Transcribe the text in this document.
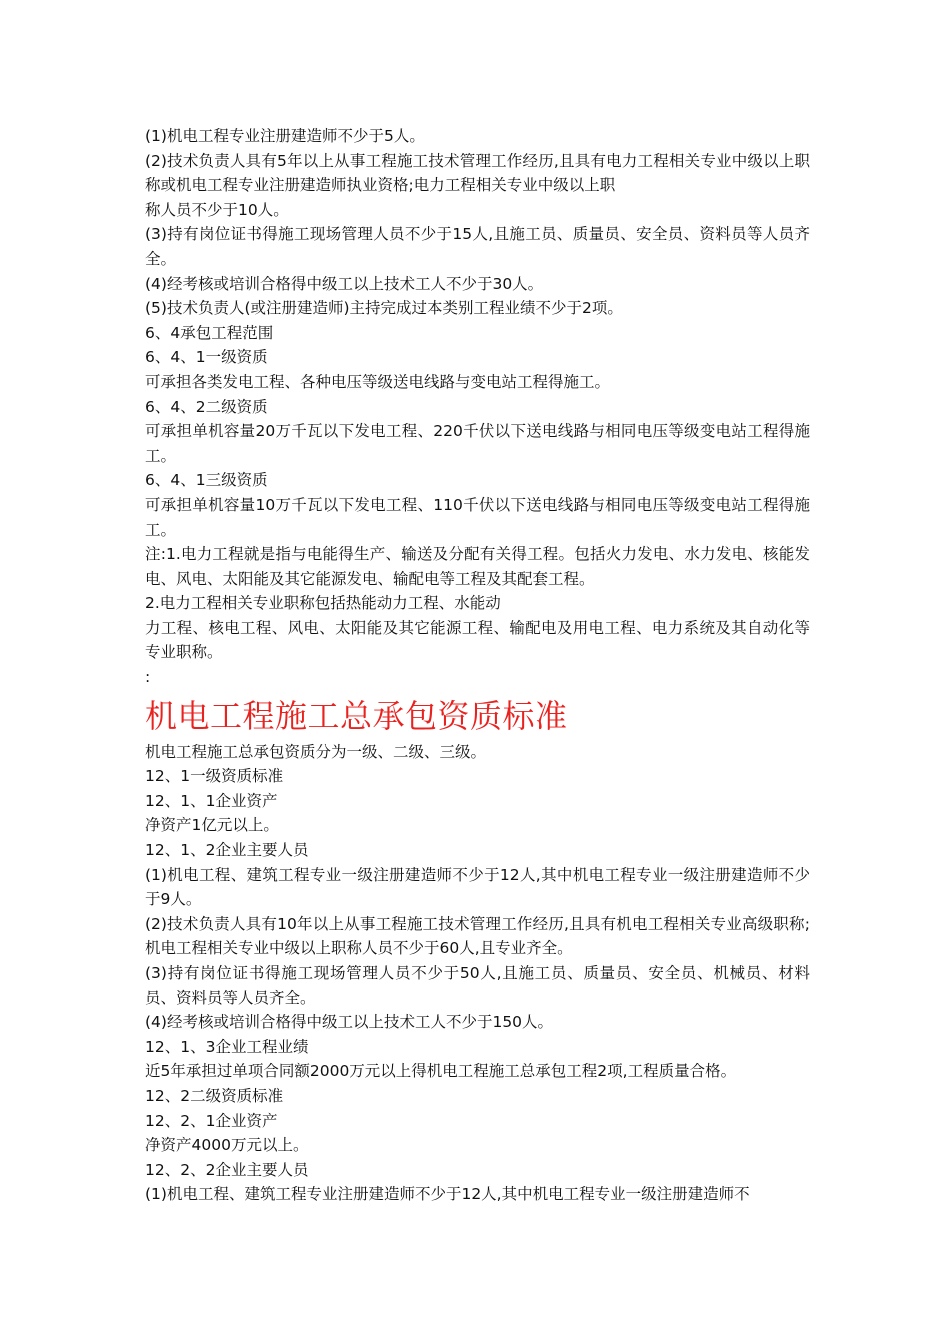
(1)机电工程专业注册建造师不少于5人。

(2)技术负责人具有5年以上从事工程施工技术管理工作经历,且具有电力工程相关专业中级以上职称或机电工程专业注册建造师执业资格;电力工程相关专业中级以上职

称人员不少于10人。

(3)持有岗位证书得施工现场管理人员不少于15人,且施工员、质量员、安全员、资料员等人员齐全。

(4)经考核或培训合格得中级工以上技术工人不少于30人。

(5)技术负责人(或注册建造师)主持完成过本类别工程业绩不少于2项。

6、4承包工程范围

6、4、1一级资质

可承担各类发电工程、各种电压等级送电线路与变电站工程得施工。

6、4、2二级资质

可承担单机容量20万千瓦以下发电工程、220千伏以下送电线路与相同电压等级变电站工程得施工。

6、4、1三级资质

可承担单机容量10万千瓦以下发电工程、110千伏以下送电线路与相同电压等级变电站工程得施工。

注:1.电力工程就是指与电能得生产、输送及分配有关得工程。包括火力发电、水力发电、核能发电、风电、太阳能及其它能源发电、输配电等工程及其配套工程。

2.电力工程相关专业职称包括热能动力工程、水能动

力工程、核电工程、风电、太阳能及其它能源工程、输配电及用电工程、电力系统及其自动化等专业职称。

:

机电工程施工总承包资质标准

机电工程施工总承包资质分为一级、二级、三级。

12、1一级资质标准

12、1、1企业资产

净资产1亿元以上。

12、1、2企业主要人员

(1)机电工程、建筑工程专业一级注册建造师不少于12人,其中机电工程专业一级注册建造师不少于9人。

(2)技术负责人具有10年以上从事工程施工技术管理工作经历,且具有机电工程相关专业高级职称;机电工程相关专业中级以上职称人员不少于60人,且专业齐全。

(3)持有岗位证书得施工现场管理人员不少于50人,且施工员、质量员、安全员、机械员、材料员、资料员等人员齐全。

(4)经考核或培训合格得中级工以上技术工人不少于150人。

12、1、3企业工程业绩

近5年承担过单项合同额2000万元以上得机电工程施工总承包工程2项,工程质量合格。

12、2二级资质标准

12、2、1企业资产

净资产4000万元以上。

12、2、2企业主要人员

(1)机电工程、建筑工程专业注册建造师不少于12人,其中机电工程专业一级注册建造师不
